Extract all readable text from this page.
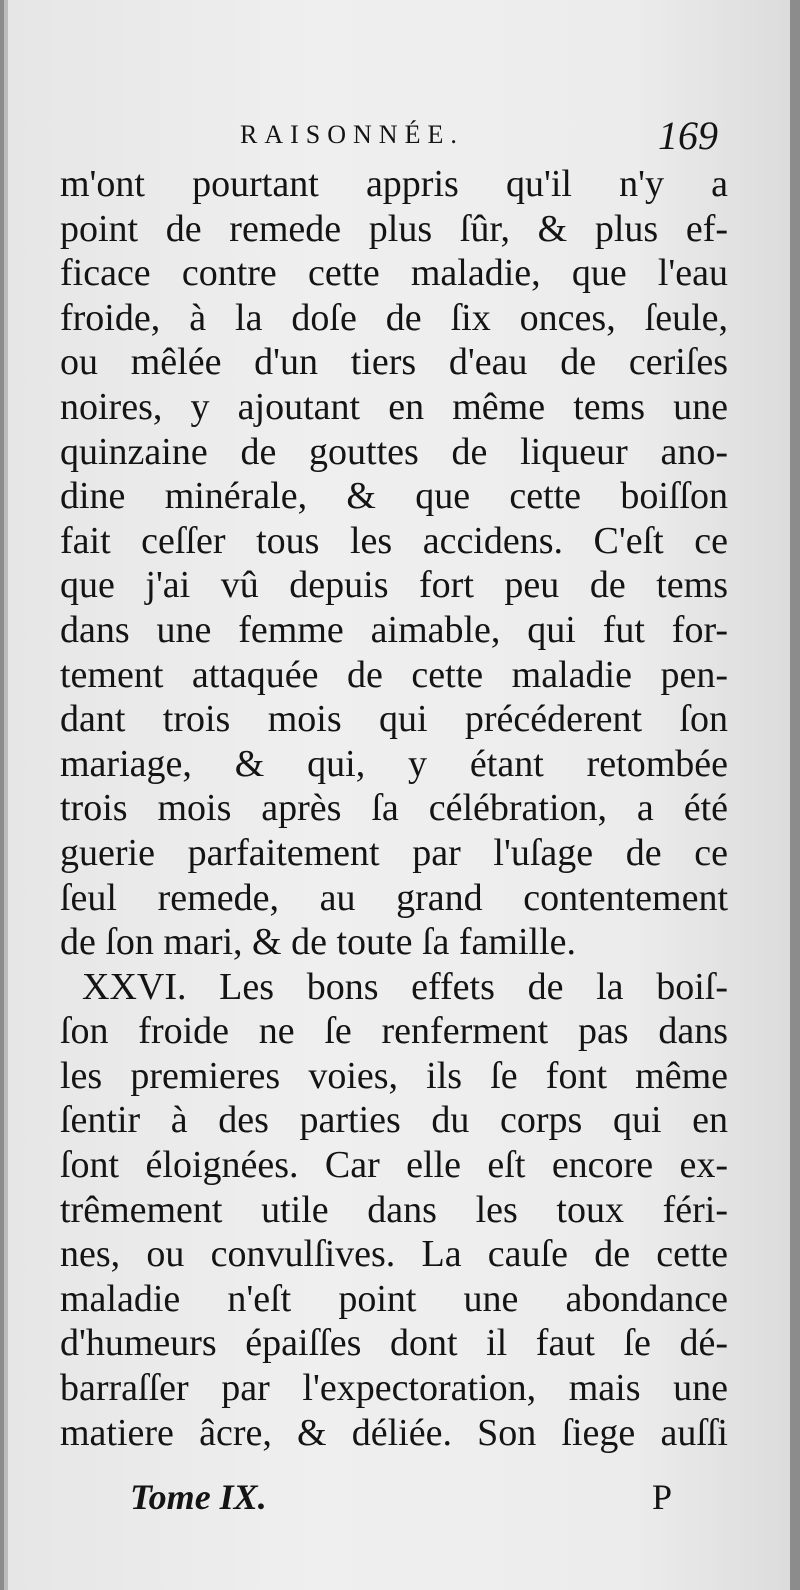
RAISONNÉE.	169
m'ont pourtant appris qu'il n'y a
point de remede plus ſûr, & plus ef-
ficace contre cette maladie, que l'eau
froide, à la doſe de ſix onces, ſeule,
ou mêlée d'un tiers d'eau de ceriſes
noires, y ajoutant en même tems une
quinzaine de gouttes de liqueur ano-
dine minérale, & que cette boiſſon
fait ceſſer tous les accidens. C'eſt ce
que j'ai vû depuis fort peu de tems
dans une femme aimable, qui fut for-
tement attaquée de cette maladie pen-
dant trois mois qui précéderent ſon
mariage, & qui, y étant retombée
trois mois après ſa célébration, a été
guerie parfaitement par l'uſage de ce
ſeul remede, au grand contentement
de ſon mari, & de toute ſa famille.
XXVI. Les bons effets de la boiſ-
ſon froide ne ſe renferment pas dans
les premieres voies, ils ſe font même
ſentir à des parties du corps qui en
ſont éloignées. Car elle eſt encore ex-
trêmement utile dans les toux féri-
nes, ou convulſives. La cauſe de cette
maladie n'eſt point une abondance
d'humeurs épaiſſes dont il faut ſe dé-
barraſſer par l'expectoration, mais une
matiere âcre, & déliée. Son ſiege auſſi
Tome IX.	P
